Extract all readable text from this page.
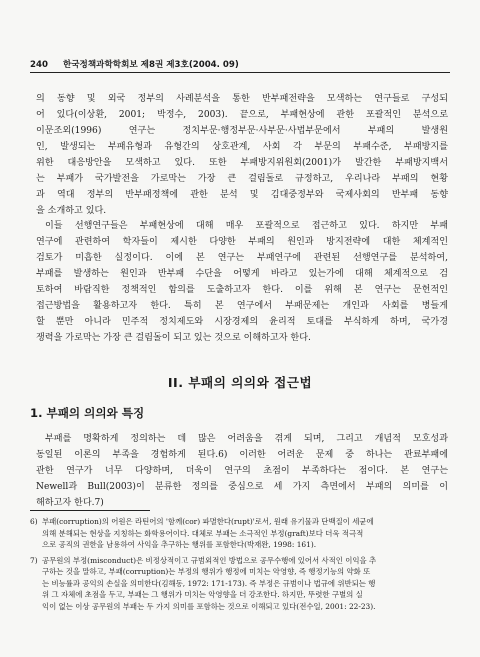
240 한국정책과학학회보 제8권 제3호(2004. 09)

의 동향 및 외국 정부의 사례분석을 통한 반부패전략을 모색하는 연구들로 구성되
어 있다(이상환, 2001; 박정수, 2003). 끝으로, 부패현상에 관한 포괄적인 분석으로
이문조외(1996) 연구는 정치부문·행정부문·사부문·사법부문에서 부패의 발생원
인, 발생되는 부패유형과 유형간의 상호관계, 사회 각 부문의 부패수준, 부패방지를
위한 대응방안을 모색하고 있다. 또한 부패방지위원회(2001)가 발간한 부패방지백서
는 부패가 국가발전을 가로막는 가장 큰 걸림돌로 규정하고, 우리나라 부패의 현황
과 역대 정부의 반부패정책에 관한 분석 및 김대중정부와 국제사회의 반부패 동향
을 소개하고 있다.

이들 선행연구들은 부패현상에 대해 매우 포괄적으로 접근하고 있다. 하지만 부패
연구에 관련하여 학자들이 제시한 다양한 부패의 원인과 방지전략에 대한 체계적인
검토가 미흡한 실정이다. 이에 본 연구는 부패연구에 관련된 선행연구를 분석하여,
부패를 발생하는 원인과 반부패 수단을 어떻게 바라고 있는가에 대해 체계적으로 검
토하여 바람직한 정책적인 함의를 도출하고자 한다. 이를 위해 본 연구는 문헌적인
접근방법을 활용하고자 한다. 특히 본 연구에서 부패문제는 개인과 사회를 병들게
할 뿐만 아니라 민주적 정치제도와 시장경제의 윤리적 토대를 부식하게 하며, 국가경
쟁력을 가로막는 가장 큰 걸림돌이 되고 있는 것으로 이해하고자 한다.

II. 부패의 의의와 접근법
1. 부패의 의의와 특징

부패를 명확하게 정의하는 데 많은 어려움을 겪게 되며, 그리고 개념적 모호성과
동일된 이론의 부족을 경험하게 된다.6) 이러한 어려운 문제 중 하나는 관료부패에
관한 연구가 너무 다양하며, 더욱이 연구의 초점이 부족하다는 점이다. 본 연구는
Newell과 Bull(2003)이 분류한 정의를 중심으로 세 가지 측면에서 부패의 의미를 이
해하고자 한다.7)

6) 부패(corruption)의 어원은 라틴어의 '함께(cor) 파멸한다(rupt)'로서, 원래 유기물과 단백질이 세균에
의해 분해되는 현상을 지칭하는 화학용어이다. 대체로 부패는 소극적인 부정(graft)보다 더욱 적극적
으로 공직의 권한을 남용하여 사익을 추구하는 행위를 포함한다(박재완, 1998: 161).
7) 공무원의 부정(misconduct)은 비정상적이고 규범외적인 방법으로 공무수행에 있어서 사적인 이익을 추
구하는 것을 말하고, 부패(corruption)는 부정의 행위가 행정에 미치는 악영향, 즉 행정기능의 약화 또
는 비능률과 공익의 손실을 의미한다(김해동, 1972: 171-173). 즉 부정은 규범이나 법규에 위반되는 행
위 그 자체에 초점을 두고, 부패는 그 행위가 미치는 악영향을 더 강조한다. 하지만, 뚜렷한 구별의 실
익이 없는 이상 공무원의 부패는 두 가지 의미를 포함하는 것으로 이해되고 있다(전수일, 2001: 22-23).
